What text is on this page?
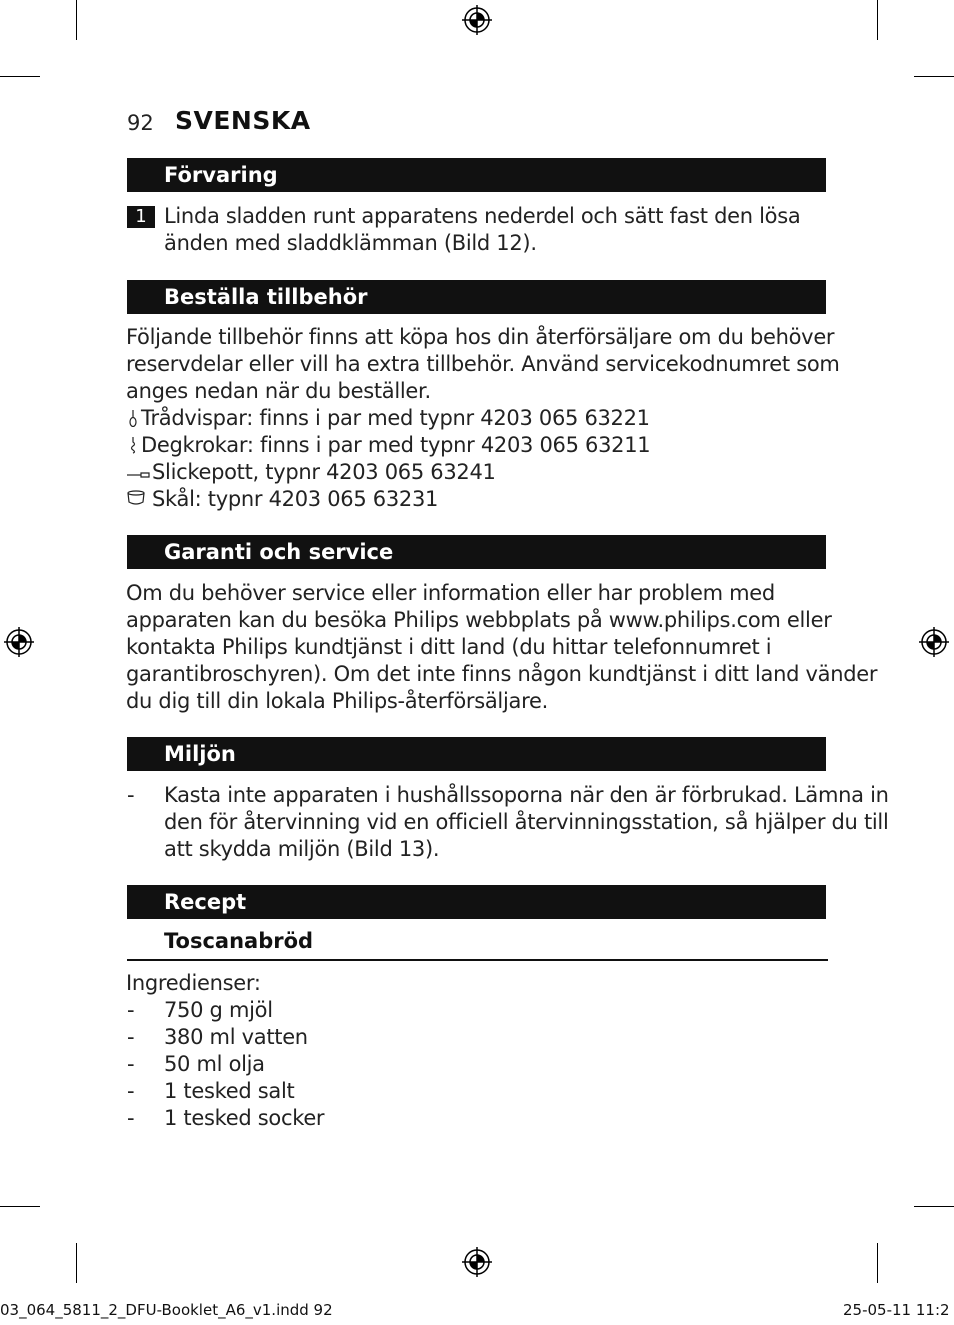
92 SVENSKA
Förvaring
1 Linda sladden runt apparatens nederdel och sätt fast den lösa
änden med sladdklämman (Bild 12).
Beställa tillbehör
Följande tillbehör finns att köpa hos din återförsäljare om du behöver
reservdelar eller vill ha extra tillbehör. Använd servicekodnumret som
anges nedan när du beställer.
Trådvispar: finns i par med typnr 4203 065 63221
Degkrokar: finns i par med typnr 4203 065 63211
Slickepott, typnr 4203 065 63241
Skål: typnr 4203 065 63231
Garanti och service
Om du behöver service eller information eller har problem med
apparaten kan du besöka Philips webbplats på www.philips.com eller
kontakta Philips kundtjänst i ditt land (du hittar telefonnumret i
garantibroschyren). Om det inte finns någon kundtjänst i ditt land vänder
du dig till din lokala Philips-återförsäljare.
Miljön
- Kasta inte apparaten i hushållssoporna när den är förbrukad. Lämna in
den för återvinning vid en officiell återvinningsstation, så hjälper du till
att skydda miljön (Bild 13).
Recept
Toscanabröd
Ingredienser:
- 750 g mjöl
- 380 ml vatten
- 50 ml olja
- 1 tesked salt
- 1 tesked socker
03_064_5811_2_DFU-Booklet_A6_v1.indd 92	25-05-11 11:2
